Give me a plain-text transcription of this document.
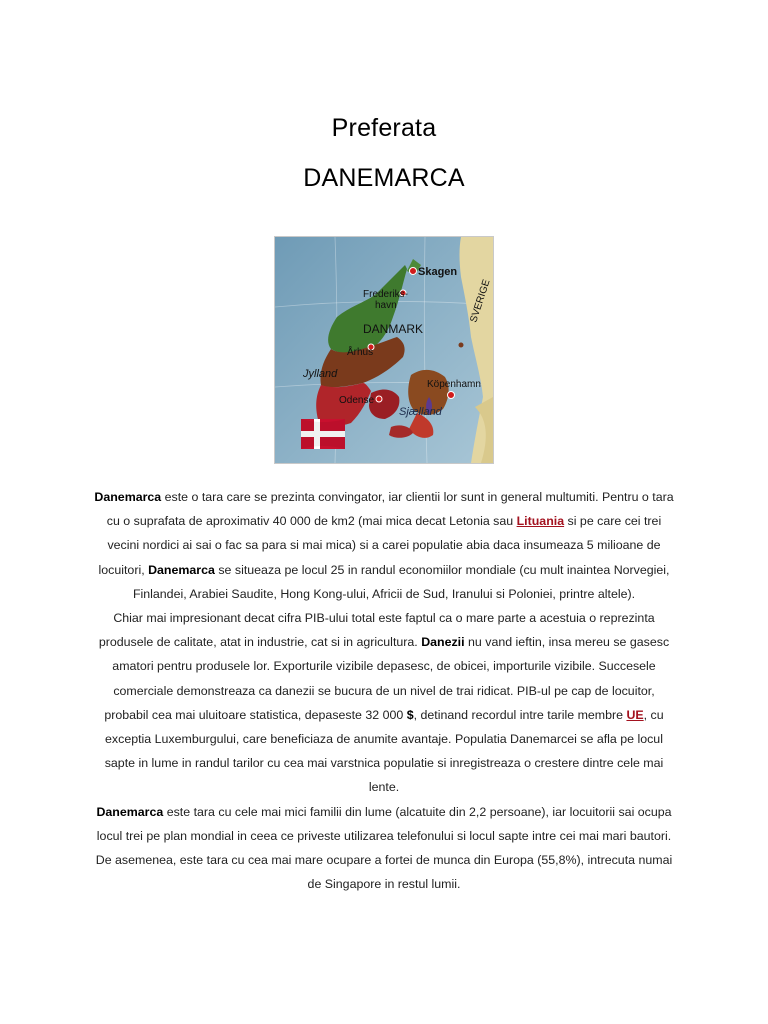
Preferata
DANEMARCA
Skagen
Frederiks-
havn
DANMARK
Århus
Jylland
Köpenhamn
Odense
Sjælland
SVERIGE

Danemarca este o tara care se prezinta convingator, iar clientii lor sunt in general multumiti. Pentru o tara cu o suprafata de aproximativ 40 000 de km2 (mai mica decat Letonia sau Lituania si pe care cei trei vecini nordici ai sai o fac sa para si mai mica) si a carei populatie abia daca insumeaza 5 milioane de locuitori, Danemarca se situeaza pe locul 25 in randul economiilor mondiale (cu mult inaintea Norvegiei, Finlandei, Arabiei Saudite, Hong Kong-ului, Africii de Sud, Iranului si Poloniei, printre altele).

Chiar mai impresionant decat cifra PIB-ului total este faptul ca o mare parte a acestuia o reprezinta produsele de calitate, atat in industrie, cat si in agricultura. Danezii nu vand ieftin, insa mereu se gasesc amatori pentru produsele lor. Exporturile vizibile depasesc, de obicei, importurile vizibile. Succesele comerciale demonstreaza ca danezii se bucura de un nivel de trai ridicat. PIB-ul pe cap de locuitor, probabil cea mai uluitoare statistica, depaseste 32 000 $, detinand recordul intre tarile membre UE, cu exceptia Luxemburgului, care beneficiaza de anumite avantaje. Populatia Danemarcei se afla pe locul sapte in lume in randul tarilor cu cea mai varstnica populatie si inregistreaza o crestere dintre cele mai lente.

Danemarca este tara cu cele mai mici familii din lume (alcatuite din 2,2 persoane), iar locuitorii sai ocupa locul trei pe plan mondial in ceea ce priveste utilizarea telefonului si locul sapte intre cei mai mari bautori. De asemenea, este tara cu cea mai mare ocupare a fortei de munca din Europa (55,8%), intrecuta numai de Singapore in restul lumii.
